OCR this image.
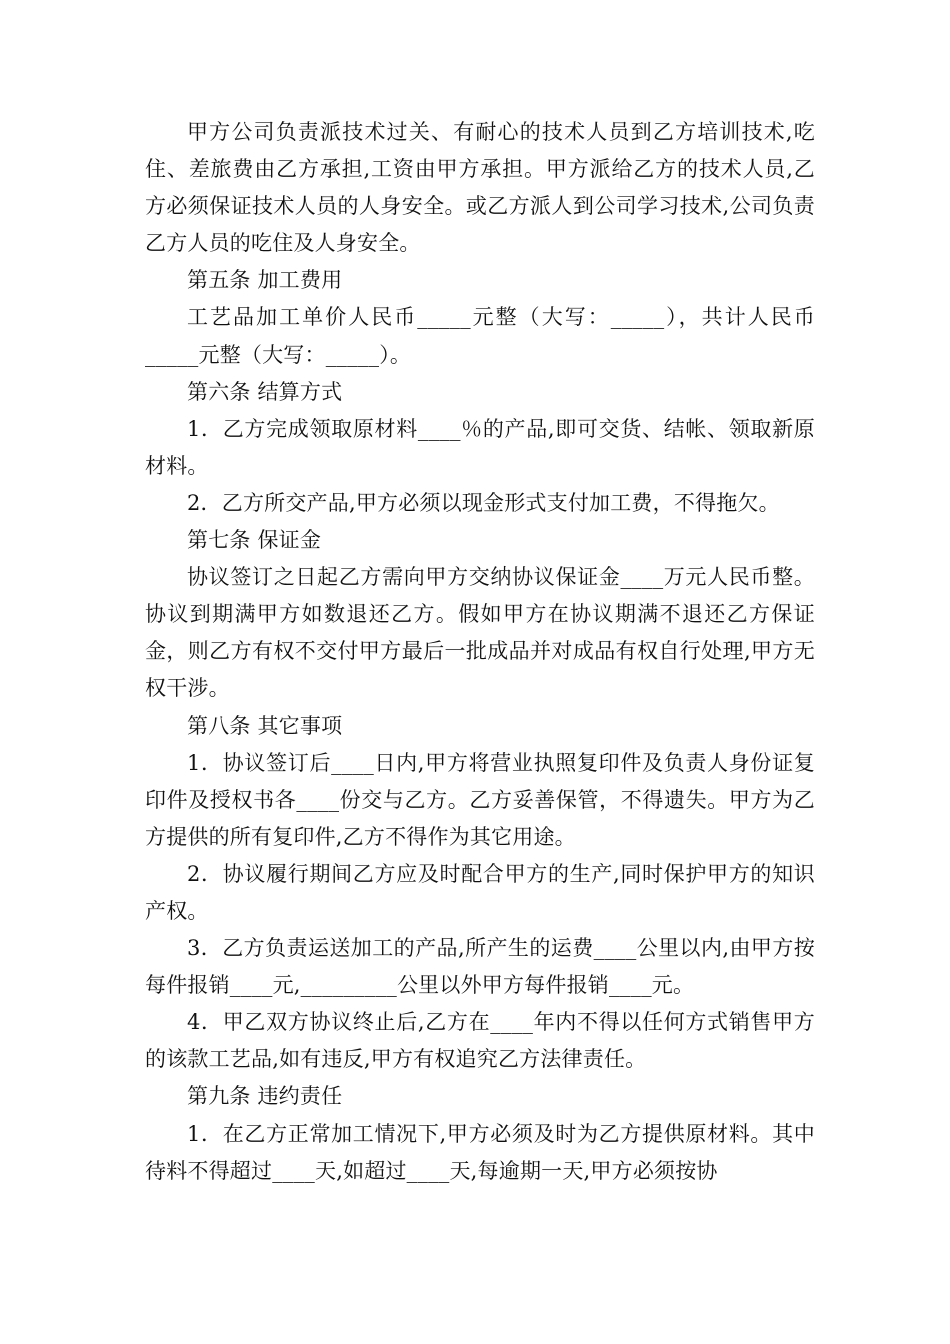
甲方公司负责派技术过关、有耐心的技术人员到乙方培训技术,吃住、差旅费由乙方承担,工资由甲方承担。甲方派给乙方的技术人员,乙方必须保证技术人员的人身安全。或乙方派人到公司学习技术,公司负责乙方人员的吃住及人身安全。

第五条 加工费用

工艺品加工单价人民币_____元整（大写：_____），共计人民币_____元整（大写：_____）。

第六条 结算方式

1．乙方完成领取原材料____％的产品,即可交货、结帐、领取新原材料。

2．乙方所交产品,甲方必须以现金形式支付加工费，不得拖欠。

第七条 保证金

协议签订之日起乙方需向甲方交纳协议保证金____万元人民币整。协议到期满甲方如数退还乙方。假如甲方在协议期满不退还乙方保证金，则乙方有权不交付甲方最后一批成品并对成品有权自行处理,甲方无权干涉。

第八条 其它事项

1．协议签订后____日内,甲方将营业执照复印件及负责人身份证复印件及授权书各____份交与乙方。乙方妥善保管，不得遗失。甲方为乙方提供的所有复印件,乙方不得作为其它用途。

2．协议履行期间乙方应及时配合甲方的生产,同时保护甲方的知识产权。

3．乙方负责运送加工的产品,所产生的运费____公里以内,由甲方按每件报销____元,_________公里以外甲方每件报销____元。

4．甲乙双方协议终止后,乙方在____年内不得以任何方式销售甲方的该款工艺品,如有违反,甲方有权追究乙方法律责任。

第九条 违约责任

1．在乙方正常加工情况下,甲方必须及时为乙方提供原材料。其中待料不得超过____天,如超过____天,每逾期一天,甲方必须按协
